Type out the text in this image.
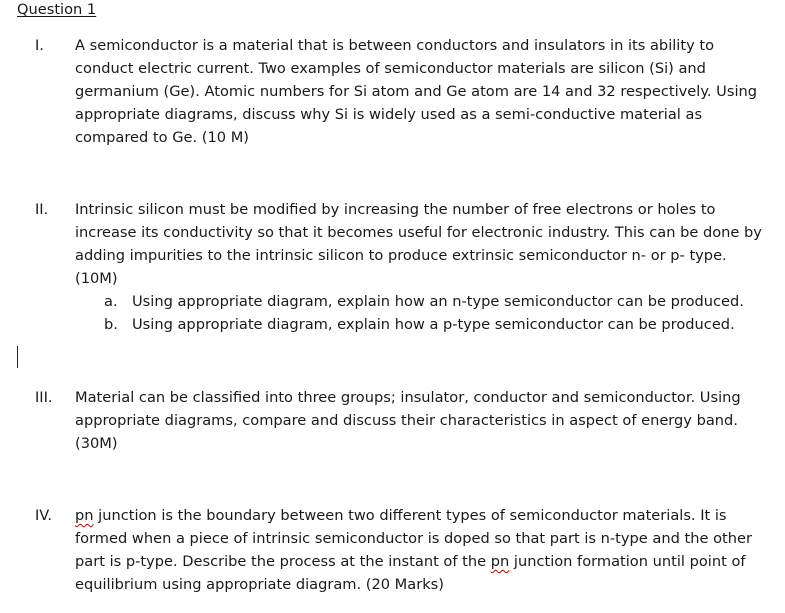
Question 1
I. A semiconductor is a material that is between conductors and insulators in its ability to conduct electric current. Two examples of semiconductor materials are silicon (Si) and germanium (Ge). Atomic numbers for Si atom and Ge atom are 14 and 32 respectively. Using appropriate diagrams, discuss why Si is widely used as a semi-conductive material as compared to Ge. (10 M)

II. Intrinsic silicon must be modified by increasing the number of free electrons or holes to increase its conductivity so that it becomes useful for electronic industry. This can be done by adding impurities to the intrinsic silicon to produce extrinsic semiconductor n- or p- type. (10M)

a. Using appropriate diagram, explain how an n-type semiconductor can be produced.
b. Using appropriate diagram, explain how a p-type semiconductor can be produced.
III. Material can be classified into three groups; insulator, conductor and semiconductor. Using appropriate diagrams, compare and discuss their characteristics in aspect of energy band. (30M)

IV. pn junction is the boundary between two different types of semiconductor materials. It is formed when a piece of intrinsic semiconductor is doped so that part is n-type and the other part is p-type. Describe the process at the instant of the pn junction formation until point of equilibrium using appropriate diagram. (20 Marks)
